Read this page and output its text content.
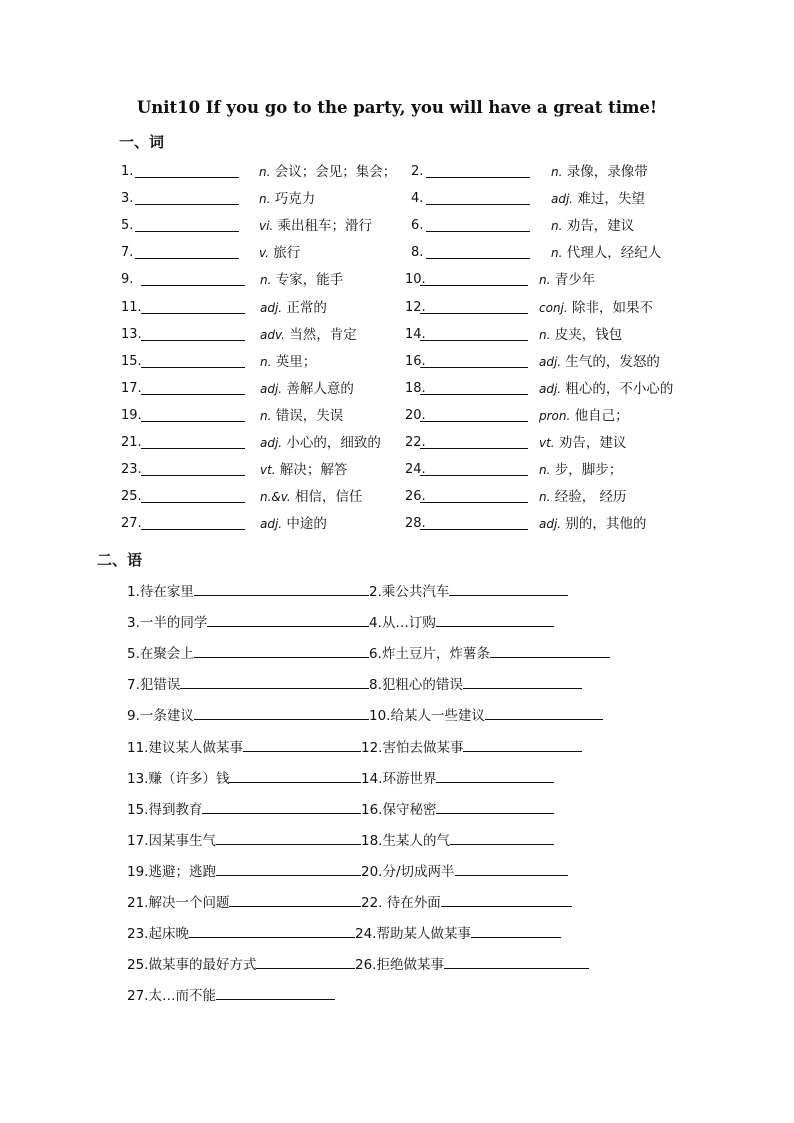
Unit10 If you go to the party, you will have a great time!
一、词
二、语
1.	n. 会议；会见；集会； 2.	n. 录像，录像带
3.	n. 巧克力	4.	adj. 难过，失望
5.	vi. 乘出租车；滑行	6.	n. 劝告，建议
7.	v. 旅行	8.	n. 代理人，经纪人
9.	n. 专家，能手	10.	n. 青少年
11.	adj. 正常的	12.	conj. 除非，如果不
13.	adv. 当然，肯定	14.	n. 皮夹，钱包
15.	n. 英里；	16.	adj. 生气的，发怒的
17.	adj. 善解人意的	18.	adj. 粗心的，不小心的
19.	n. 错误，失误	20.	pron. 他自己；
21.	adj. 小心的，细致的 22.	vt. 劝告，建议
23.	vt. 解决；解答	24.	n. 步，脚步；
25.	n.&v. 相信，信任	26.	n. 经验， 经历
27.	adj. 中途的	28.	adj. 别的，其他的
1.待在家里	2.乘公共汽车
3.一半的同学	4.从…订购
5.在聚会上	6.炸土豆片，炸薯条
7.犯错误	8.犯粗心的错误
9.一条建议	10.给某人一些建议
11.建议某人做某事	12.害怕去做某事
13.赚（许多）钱	14.环游世界
15.得到教育	16.保守秘密
17.因某事生气	18.生某人的气
19.逃避；逃跑	20.分/切成两半
21.解决一个问题	22. 待在外面
23.起床晚	24.帮助某人做某事
25.做某事的最好方式	26.拒绝做某事
27.太…而不能
